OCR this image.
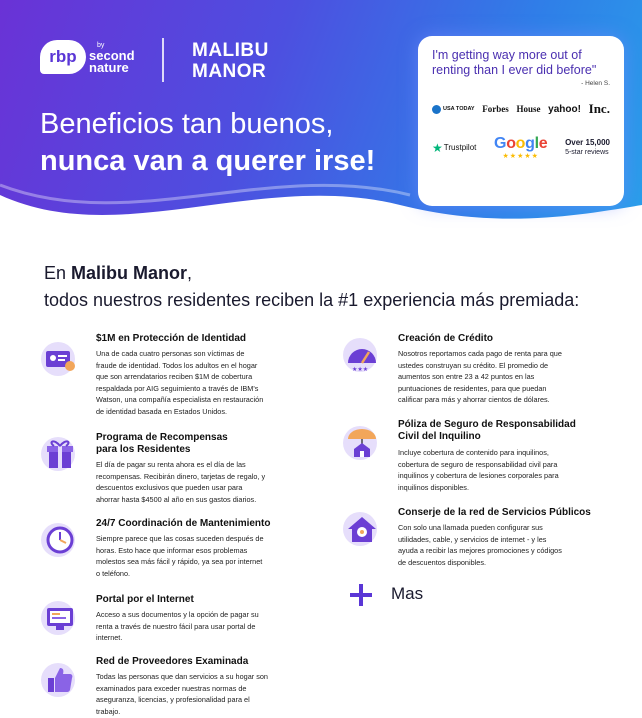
rbp
by
second
nature
MALIBU
MANOR
Beneficios tan buenos,
nunca van a querer irse!
I'm getting way more out of renting than I ever did before"
- Helen S.
USA TODAY Forbes House yahoo! Inc.
★ Trustpilot Google
★★★★★
Over 15,000
5-star reviews
En Malibu Manor,
todos nuestros residentes reciben la #1 experiencia más premiada:
$1M en Protección de Identidad
Una de cada cuatro personas son víctimas de
fraude de identidad. Todos los adultos en el hogar
que son arrendatarios reciben $1M de cobertura
respaldada por AIG seguimiento a través de IBM's
Watson, una compañía especialista en restauración
de identidad basada en Estados Unidos.
Programa de Recompensas
para los Residentes
El día de pagar su renta ahora es el día de las
recompensas. Recibirán dinero, tarjetas de regalo, y
descuentos exclusivos que pueden usar para
ahorrar hasta $4500 al año en sus gastos diarios.
24/7 Coordinación de Mantenimiento
Siempre parece que las cosas suceden después de
horas. Esto hace que informar esos problemas
molestos sea más fácil y rápido, ya sea por internet
o teléfono.
Portal por el Internet
Acceso a sus documentos y la opción de pagar su
renta a través de nuestro fácil para usar portal de
internet.
Red de Proveedores Examinada
Todas las personas que dan servicios a su hogar son
examinados para exceder nuestras normas de
aseguranza, licencias, y profesionalidad para el
trabajo.
★★★
Creación de Crédito
Nosotros reportamos cada pago de renta para que
ustedes construyan su crédito. El promedio de
aumentos son entre 23 a 42 puntos en las
puntuaciones de residentes, para que puedan
calificar para más y ahorrar cientos de dólares.
Póliza de Seguro de Responsabilidad
Civil del Inquilino
Incluye cobertura de contenido para inquilinos,
cobertura de seguro de responsabilidad civil para
inquilinos y cobertura de lesiones corporales para
inquilinos disponibles.
Conserje de la red de Servicios Públicos
Con solo una llamada pueden configurar sus
utilidades, cable, y servicios de internet - y les
ayuda a recibir las mejores promociones y códigos
de descuentos disponibles.
Mas
